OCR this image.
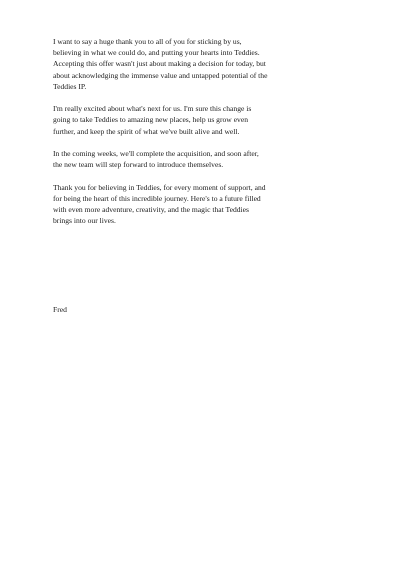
I want to say a huge thank you to all of you for sticking by us,
believing in what we could do, and putting your hearts into Teddies.
Accepting this offer wasn't just about making a decision for today, but
about acknowledging the immense value and untapped potential of the
Teddies IP.

I'm really excited about what's next for us. I'm sure this change is
going to take Teddies to amazing new places, help us grow even
further, and keep the spirit of what we've built alive and well.

In the coming weeks, we'll complete the acquisition, and soon after,
the new team will step forward to introduce themselves.

Thank you for believing in Teddies, for every moment of support, and
for being the heart of this incredible journey. Here's to a future filled
with even more adventure, creativity, and the magic that Teddies
brings into our lives.

Fred
